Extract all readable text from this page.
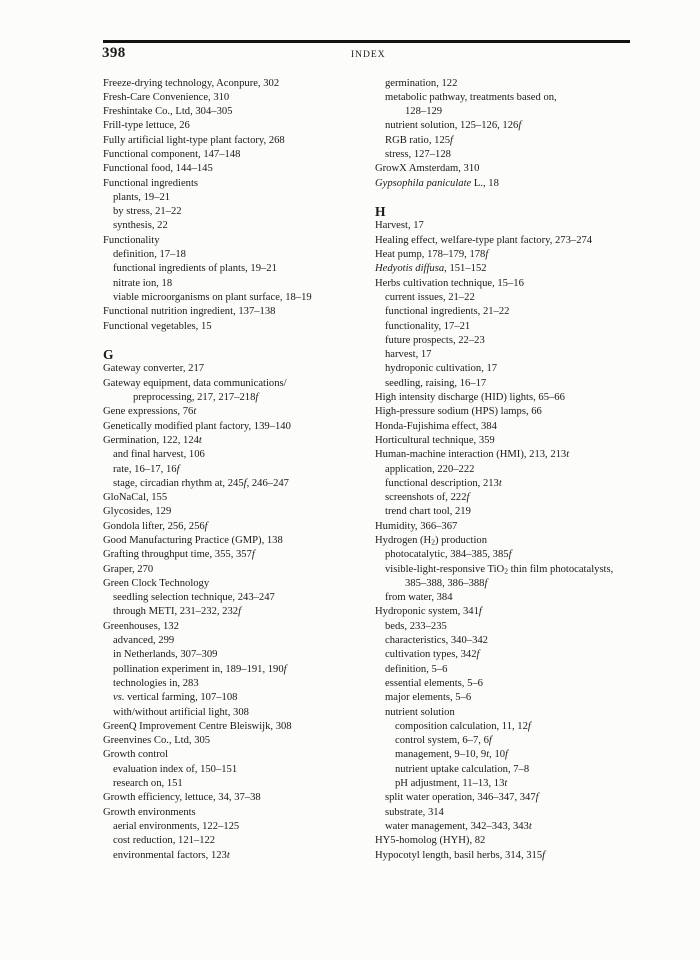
398	INDEX
Freeze-drying technology, Aconpure, 302
Fresh-Care Convenience, 310
Freshintake Co., Ltd, 304–305
Frill-type lettuce, 26
Fully artificial light-type plant factory, 268
Functional component, 147–148
Functional food, 144–145
Functional ingredients
plants, 19–21
by stress, 21–22
synthesis, 22
Functionality
definition, 17–18
functional ingredients of plants, 19–21
nitrate ion, 18
viable microorganisms on plant surface, 18–19
Functional nutrition ingredient, 137–138
Functional vegetables, 15
G
Gateway converter, 217
Gateway equipment, data communications/
preprocessing, 217, 217–218f
Gene expressions, 76t
Genetically modified plant factory, 139–140
Germination, 122, 124t
and final harvest, 106
rate, 16–17, 16f
stage, circadian rhythm at, 245f, 246–247
GloNaCal, 155
Glycosides, 129
Gondola lifter, 256, 256f
Good Manufacturing Practice (GMP), 138
Grafting throughput time, 355, 357f
Graper, 270
Green Clock Technology
seedling selection technique, 243–247
through METI, 231–232, 232f
Greenhouses, 132
advanced, 299
in Netherlands, 307–309
pollination experiment in, 189–191, 190f
technologies in, 283
vs. vertical farming, 107–108
with/without artificial light, 308
GreenQ Improvement Centre Bleiswijk, 308
Greenvines Co., Ltd, 305
Growth control
evaluation index of, 150–151
research on, 151
Growth efficiency, lettuce, 34, 37–38
Growth environments
aerial environments, 122–125
cost reduction, 121–122
environmental factors, 123t
germination, 122
metabolic pathway, treatments based on,
128–129
nutrient solution, 125–126, 126f
RGB ratio, 125f
stress, 127–128
GrowX Amsterdam, 310
Gypsophila paniculate L., 18
H
Harvest, 17
Healing effect, welfare-type plant factory, 273–274
Heat pump, 178–179, 178f
Hedyotis diffusa, 151–152
Herbs cultivation technique, 15–16
current issues, 21–22
functional ingredients, 21–22
functionality, 17–21
future prospects, 22–23
harvest, 17
hydroponic cultivation, 17
seedling, raising, 16–17
High intensity discharge (HID) lights, 65–66
High-pressure sodium (HPS) lamps, 66
Honda-Fujishima effect, 384
Horticultural technique, 359
Human-machine interaction (HMI), 213, 213t
application, 220–222
functional description, 213t
screenshots of, 222f
trend chart tool, 219
Humidity, 366–367
Hydrogen (H2) production
photocatalytic, 384–385, 385f
visible-light-responsive TiO2 thin film photocatalysts,
385–388, 386–388f
from water, 384
Hydroponic system, 341f
beds, 233–235
characteristics, 340–342
cultivation types, 342f
definition, 5–6
essential elements, 5–6
major elements, 5–6
nutrient solution
composition calculation, 11, 12f
control system, 6–7, 6f
management, 9–10, 9t, 10f
nutrient uptake calculation, 7–8
pH adjustment, 11–13, 13t
split water operation, 346–347, 347f
substrate, 314
water management, 342–343, 343t
HY5-homolog (HYH), 82
Hypocotyl length, basil herbs, 314, 315f
